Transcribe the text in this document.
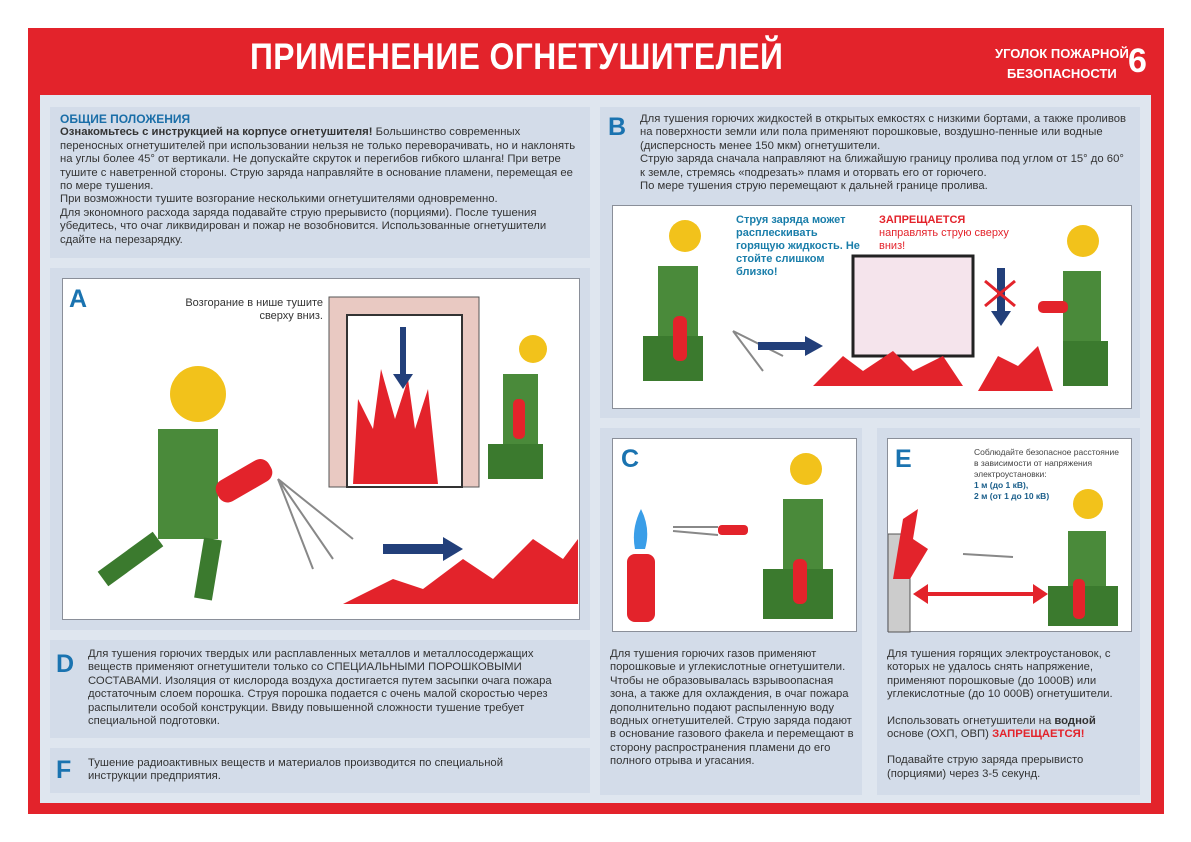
ПРИМЕНЕНИЕ ОГНЕТУШИТЕЛЕЙ	УГОЛОК ПОЖАРНОЙ
БЕЗОПАСНОСТИ 6
ОБЩИЕ ПОЛОЖЕНИЯ
Ознакомьтесь с инструкцией на корпусе огнетушителя! Большинство современных переносных огнетушителей при использовании нельзя не только переворачивать, но и наклонять на углы более 45° от вертикали. Не допускайте скруток и перегибов гибкого шланга! При ветре тушите с наветренной стороны. Струю заряда направляйте в основание пламени, перемещая ее по мере тушения.
При возможности тушите возгорание несколькими огнетушителями одновременно.
Для экономного расхода заряда подавайте струю прерывисто (порциями). После тушения убедитесь, что очаг ликвидирован и пожар не возобновится. Использованные огнетушители сдайте на перезарядку.
A	Возгорание в нише тушите сверху вниз.
D Для тушения горючих твердых или расплавленных металлов и металлосодержащих веществ применяют огнетушители только со СПЕЦИАЛЬНЫМИ ПОРОШКОВЫМИ СОСТАВАМИ. Изоляция от кислорода воздуха достигается путем засыпки очага пожара достаточным слоем порошка. Струя порошка подается с очень малой скоростью через распылители особой конструкции. Ввиду повышенной сложности тушение требует специальной подготовки.
F Тушение радиоактивных веществ и материалов производится по специальной инструкции предприятия.
B Для тушения горючих жидкостей в открытых емкостях с низкими бортами, а также проливов на поверхности земли или пола применяют порошковые, воздушно-пенные или водные (дисперсность менее 150 мкм) огнетушители.
Струю заряда сначала направляют на ближайшую границу пролива под углом от 15° до 60° к земле, стремясь «подрезать» пламя и оторвать его от горючего.
По мере тушения струю перемещают к дальней границе пролива.
Струя заряда может расплескивать горящую жидкость. Не стойте слишком близко!
ЗАПРЕЩАЕТСЯ направлять струю сверху вниз!
C
Для тушения горючих газов применяют порошковые и углекислотные огнетушители. Чтобы не образовывалась взрывоопасная зона, а также для охлаждения, в очаг пожара дополнительно подают распыленную воду водных огнетушителей. Струю заряда подают в основание газового факела и перемещают в сторону распространения пламени до его полного отрыва и угасания.
E	Соблюдайте безопасное расстояние в зависимости от напряжения электроустановки:
1 м (до 1 кВ),
2 м (от 1 до 10 кВ)
Для тушения горящих электроустановок, с которых не удалось снять напряжение, применяют порошковые (до 1000В) или углекислотные (до 10 000В) огнетушители.
Использовать огнетушители на водной основе (ОХП, ОВП) ЗАПРЕЩАЕТСЯ!
Подавайте струю заряда прерывисто (порциями) через 3-5 секунд.
